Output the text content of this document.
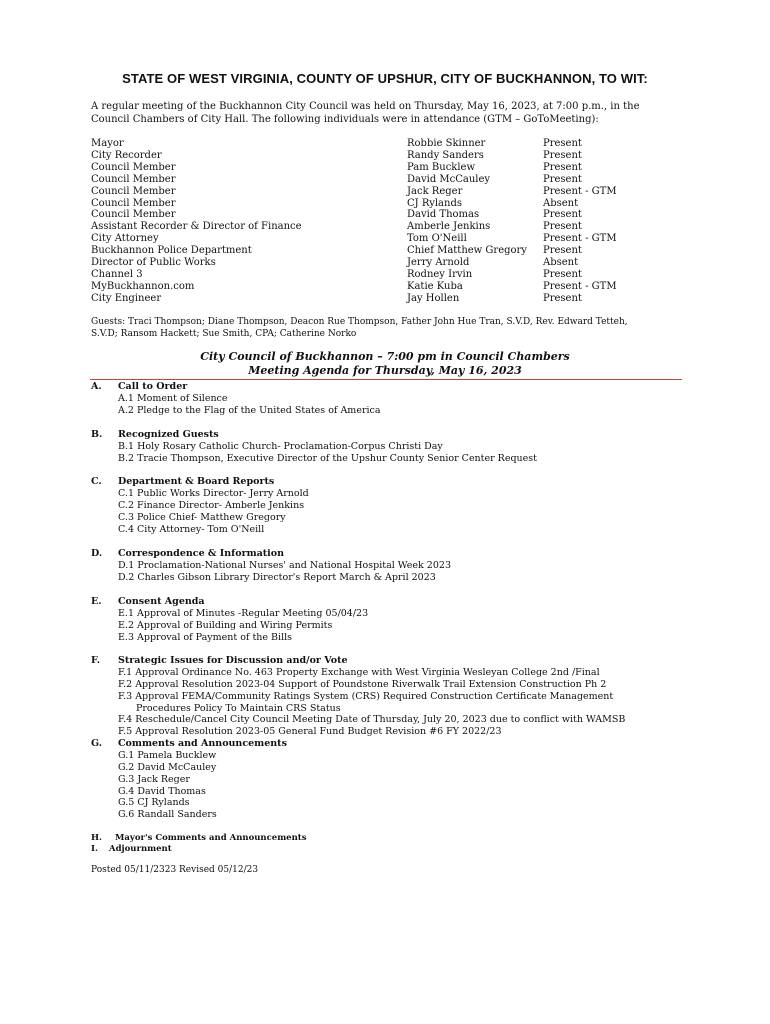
STATE OF WEST VIRGINIA, COUNTY OF UPSHUR, CITY OF BUCKHANNON, TO WIT:
A regular meeting of the Buckhannon City Council was held on Thursday, May 16, 2023, at 7:00 p.m., in the
Council Chambers of City Hall. The following individuals were in attendance (GTM – GoToMeeting):
Mayor
City Recorder
Council Member
Council Member
Council Member
Council Member
Council Member
Assistant Recorder & Director of Finance
City Attorney
Buckhannon Police Department
Director of Public Works
Channel 3
MyBuckhannon.com
City Engineer
Robbie Skinner
Randy Sanders
Pam Bucklew
David McCauley
Jack Reger
CJ Rylands
David Thomas
Amberle Jenkins
Tom O'Neill
Chief Matthew Gregory
Jerry Arnold
Rodney Irvin
Katie Kuba
Jay Hollen
Present
Present
Present
Present
Present - GTM
Absent
Present
Present
Present - GTM
Present
Absent
Present
Present - GTM
Present
Guests: Traci Thompson; Diane Thompson, Deacon Rue Thompson, Father John Hue Tran, S.V.D, Rev. Edward Tetteh,
S.V.D; Ransom Hackett; Sue Smith, CPA; Catherine Norko
City Council of Buckhannon – 7:00 pm in Council Chambers
Meeting Agenda for Thursday, May 16, 2023
A. Call to Order
A.1 Moment of Silence
A.2 Pledge to the Flag of the United States of America
B. Recognized Guests
B.1 Holy Rosary Catholic Church- Proclamation-Corpus Christi Day
B.2 Tracie Thompson, Executive Director of the Upshur County Senior Center Request
C. Department & Board Reports
C.1 Public Works Director- Jerry Arnold
C.2 Finance Director- Amberle Jenkins
C.3 Police Chief- Matthew Gregory
C.4 City Attorney- Tom O'Neill
D. Correspondence & Information
D.1 Proclamation-National Nurses' and National Hospital Week 2023
D.2 Charles Gibson Library Director's Report March & April 2023
E. Consent Agenda
E.1 Approval of Minutes -Regular Meeting 05/04/23
E.2 Approval of Building and Wiring Permits
E.3 Approval of Payment of the Bills
F. Strategic Issues for Discussion and/or Vote
F.1 Approval Ordinance No. 463 Property Exchange with West Virginia Wesleyan College 2nd /Final
F.2 Approval Resolution 2023-04 Support of Poundstone Riverwalk Trail Extension Construction Ph 2
F.3 Approval FEMA/Community Ratings System (CRS) Required Construction Certificate Management
Procedures Policy To Maintain CRS Status
F.4 Reschedule/Cancel City Council Meeting Date of Thursday, July 20, 2023 due to conflict with WAMSB
F.5 Approval Resolution 2023-05 General Fund Budget Revision #6 FY 2022/23
G. Comments and Announcements
G.1 Pamela Bucklew
G.2 David McCauley
G.3 Jack Reger
G.4 David Thomas
G.5 CJ Rylands
G.6 Randall Sanders
H. Mayor's Comments and Announcements
I. Adjournment
Posted 05/11/2323 Revised 05/12/23
